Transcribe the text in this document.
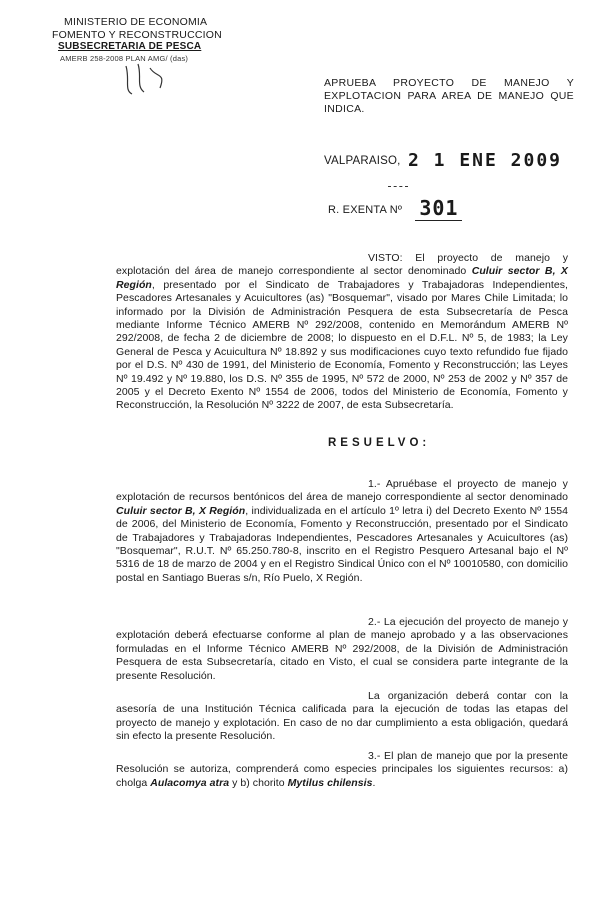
MINISTERIO DE ECONOMIA
FOMENTO Y RECONSTRUCCION
SUBSECRETARIA DE PESCA
AMERB 258-2008 PLAN AMG/ (das)
APRUEBA PROYECTO DE MANEJO Y EXPLOTACION PARA AREA DE MANEJO QUE INDICA.
VALPARAISO, 2 1 ENE 2009
R. EXENTA Nº 301
VISTO: El proyecto de manejo y explotación del área de manejo correspondiente al sector denominado Culuir sector B, X Región, presentado por el Sindicato de Trabajadores y Trabajadoras Independientes, Pescadores Artesanales y Acuicultores (as) "Bosquemar", visado por Mares Chile Limitada; lo informado por la División de Administración Pesquera de esta Subsecretaría de Pesca mediante Informe Técnico AMERB Nº 292/2008, contenido en Memorándum AMERB Nº 292/2008, de fecha 2 de diciembre de 2008; lo dispuesto en el D.F.L. Nº 5, de 1983; la Ley General de Pesca y Acuicultura Nº 18.892 y sus modificaciones cuyo texto refundido fue fijado por el D.S. Nº 430 de 1991, del Ministerio de Economía, Fomento y Reconstrucción; las Leyes Nº 19.492 y Nº 19.880, los D.S. Nº 355 de 1995, Nº 572 de 2000, Nº 253 de 2002 y Nº 357 de 2005 y el Decreto Exento Nº 1554 de 2006, todos del Ministerio de Economía, Fomento y Reconstrucción, la Resolución Nº 3222 de 2007, de esta Subsecretaría.
RESUELVO:
1.- Apruébase el proyecto de manejo y explotación de recursos bentónicos del área de manejo correspondiente al sector denominado Culuir sector B, X Región, individualizada en el artículo 1º letra i) del Decreto Exento Nº 1554 de 2006, del Ministerio de Economía, Fomento y Reconstrucción, presentado por el Sindicato de Trabajadores y Trabajadoras Independientes, Pescadores Artesanales y Acuicultores (as) "Bosquemar", R.U.T. Nº 65.250.780-8, inscrito en el Registro Pesquero Artesanal bajo el Nº 5316 de 18 de marzo de 2004 y en el Registro Sindical Único con el Nº 10010580, con domicilio postal en Santiago Bueras s/n, Río Puelo, X Región.
2.- La ejecución del proyecto de manejo y explotación deberá efectuarse conforme al plan de manejo aprobado y a las observaciones formuladas en el Informe Técnico AMERB Nº 292/2008, de la División de Administración Pesquera de esta Subsecretaría, citado en Visto, el cual se considera parte integrante de la presente Resolución.
La organización deberá contar con la asesoría de una Institución Técnica calificada para la ejecución de todas las etapas del proyecto de manejo y explotación. En caso de no dar cumplimiento a esta obligación, quedará sin efecto la presente Resolución.
3.- El plan de manejo que por la presente Resolución se autoriza, comprenderá como especies principales los siguientes recursos: a) cholga Aulacomya atra y b) chorito Mytilus chilensis.
